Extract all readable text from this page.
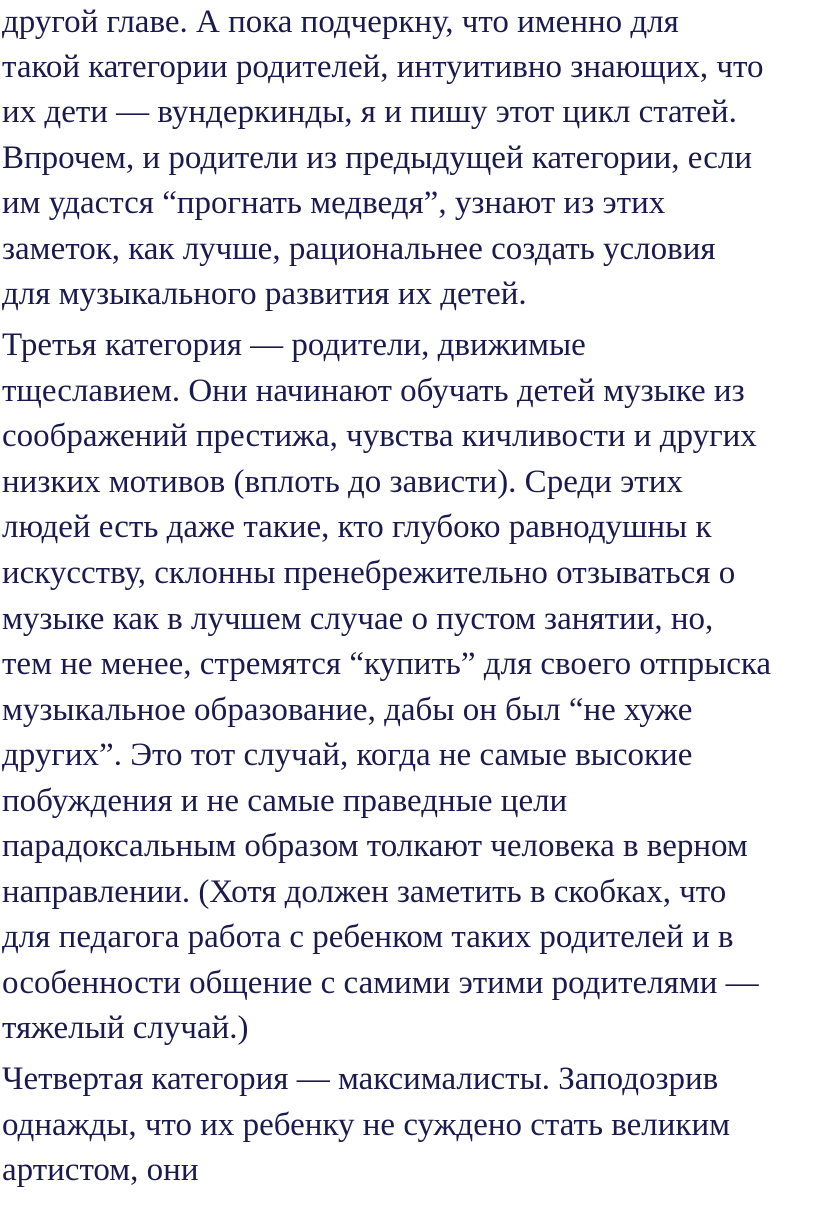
другой главе. А пока подчеркну, что именно для
такой категории родителей, интуитивно знающих, что
их дети — вундеркинды, я и пишу этот цикл статей.
Впрочем, и родители из предыдущей категории, если
им удастся “прогнать медведя”, узнают из этих
заметок, как лучше, рациональнее создать условия
для музыкального развития их детей.
Третья категория — родители, движимые
тщеславием. Они начинают обучать детей музыке из
соображений престижа, чувства кичливости и других
низких мотивов (вплоть до зависти). Среди этих
людей есть даже такие, кто глубоко равнодушны к
искусству, склонны пренебрежительно отзываться о
музыке как в лучшем случае о пустом занятии, но,
тем не менее, стремятся “купить” для своего отпрыска
музыкальное образование, дабы он был “не хуже
других”. Это тот случай, когда не самые высокие
побуждения и не самые праведные цели
парадоксальным образом толкают человека в верном
направлении. (Хотя должен заметить в скобках, что
для педагога работа с ребенком таких родителей и в
особенности общение с самими этими родителями —
тяжелый случай.)
Четвертая категория — максималисты. Заподозрив
однажды, что их ребенку не суждено стать великим
артистом, они
